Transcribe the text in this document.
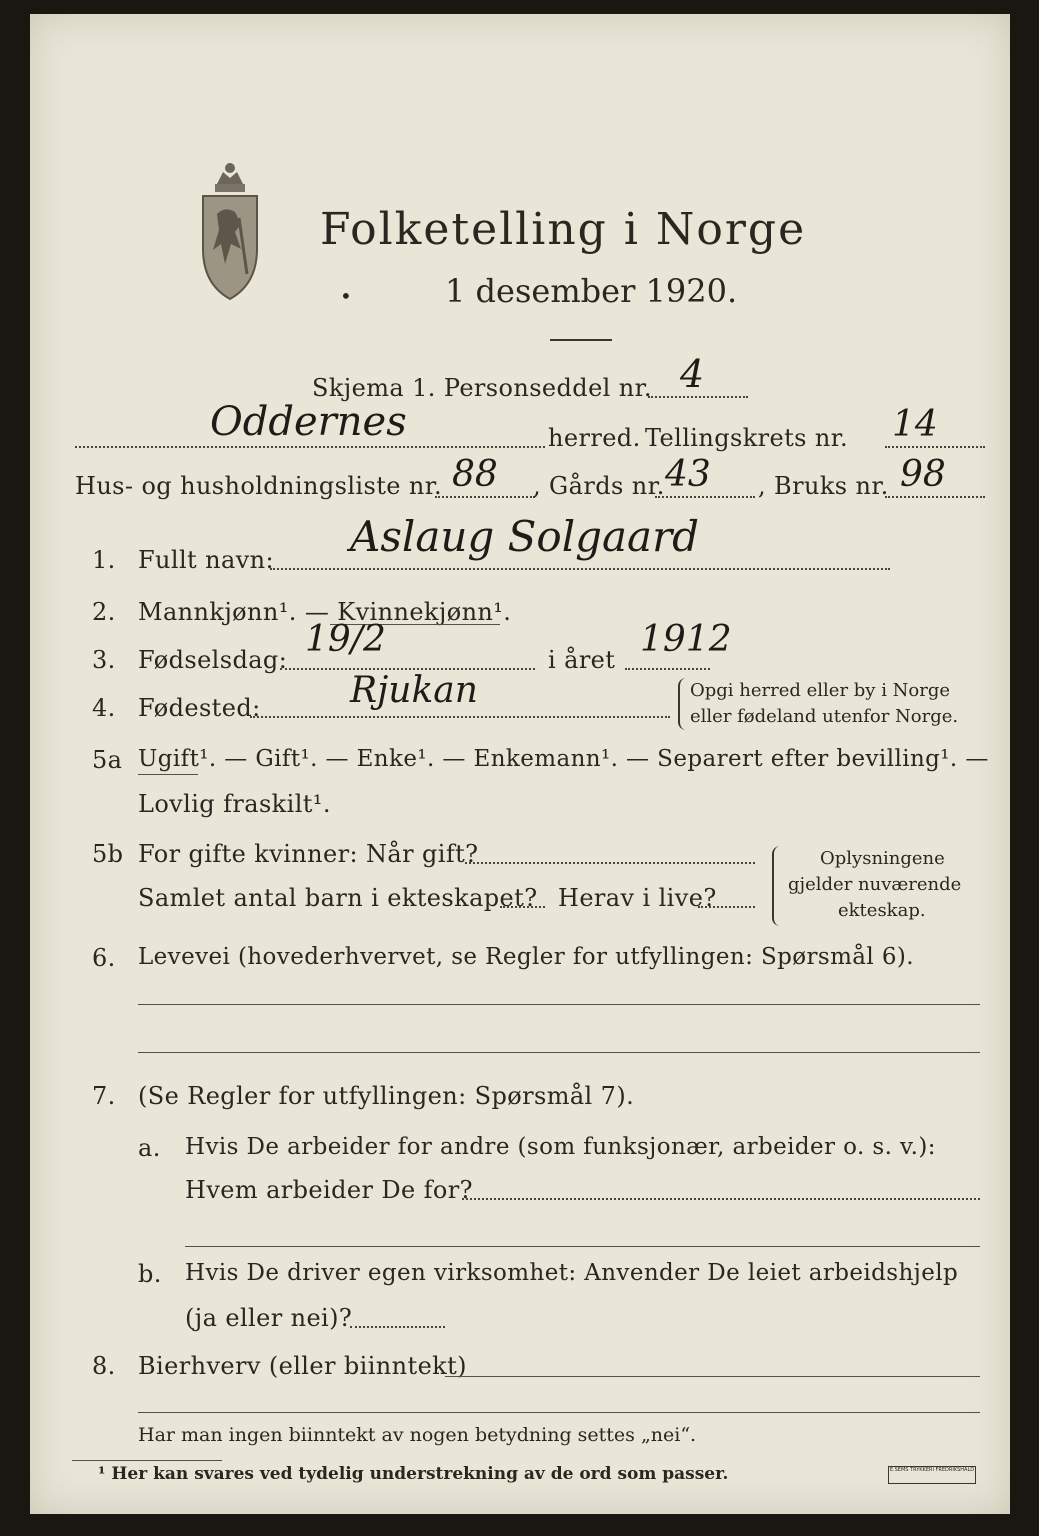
Folketelling i Norge
1 desember 1920.
•
Skjema 1. Personseddel nr. 4
Oddernes	herred. Tellingskrets nr. 14
Hus- og husholdningsliste nr. 88 , Gårds nr. 43 , Bruks nr. 98
1. Fullt navn: Aslaug Solgaard
2. Mannkjønn¹. — Kvinnekjønn¹.
3. Fødselsdag: 19/2	i året 1912
4. Fødested: Rjukan	Opgi herred eller by i Norge
eller fødeland utenfor Norge.
5a Ugift¹. — Gift¹. — Enke¹. — Enkemann¹. — Separert efter bevilling¹. —
Lovlig fraskilt¹.
5b For gifte kvinner: Når gift?
Samlet antal barn i ekteskapet? Herav i live?
Oplysningene
gjelder nuværende
ekteskap.
6. Levevei (hovederhvervet, se Regler for utfyllingen: Spørsmål 6).
7. (Se Regler for utfyllingen: Spørsmål 7).
a. Hvis De arbeider for andre (som funksjonær, arbeider o. s. v.):
Hvem arbeider De for?
b. Hvis De driver egen virksomhet: Anvender De leiet arbeidshjelp
(ja eller nei)?
8. Bierhverv (eller biinntekt)
Har man ingen biinntekt av nogen betydning settes „nei“.
¹ Her kan svares ved tydelig understrekning av de ord som passer.	E.SEMS TRYKKERI FREDRIKSHALD
